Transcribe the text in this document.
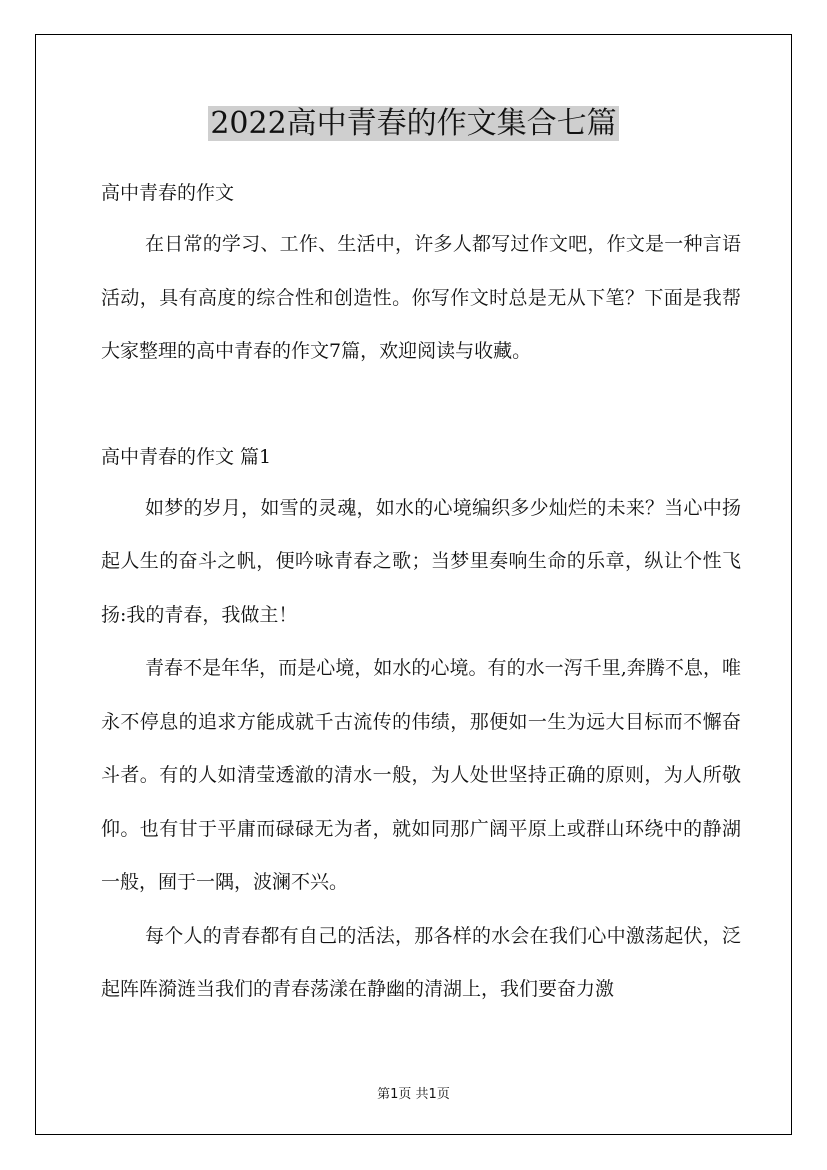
2022高中青春的作文集合七篇

高中青春的作文

在日常的学习、工作、生活中，许多人都写过作文吧，作文是一种言语活动，具有高度的综合性和创造性。你写作文时总是无从下笔？下面是我帮大家整理的高中青春的作文7篇，欢迎阅读与收藏。

高中青春的作文 篇1

如梦的岁月，如雪的灵魂，如水的心境编织多少灿烂的未来？当心中扬起人生的奋斗之帆，便吟咏青春之歌；当梦里奏响生命的乐章，纵让个性飞扬:我的青春，我做主！

青春不是年华，而是心境，如水的心境。有的水一泻千里,奔腾不息，唯永不停息的追求方能成就千古流传的伟绩，那便如一生为远大目标而不懈奋斗者。有的人如清莹透澈的清水一般，为人处世坚持正确的原则，为人所敬仰。也有甘于平庸而碌碌无为者，就如同那广阔平原上或群山环绕中的静湖一般，囿于一隅，波澜不兴。

每个人的青春都有自己的活法，那各样的水会在我们心中激荡起伏，泛起阵阵漪涟当我们的青春荡漾在静幽的清湖上，我们要奋力激

第1页 共1页
